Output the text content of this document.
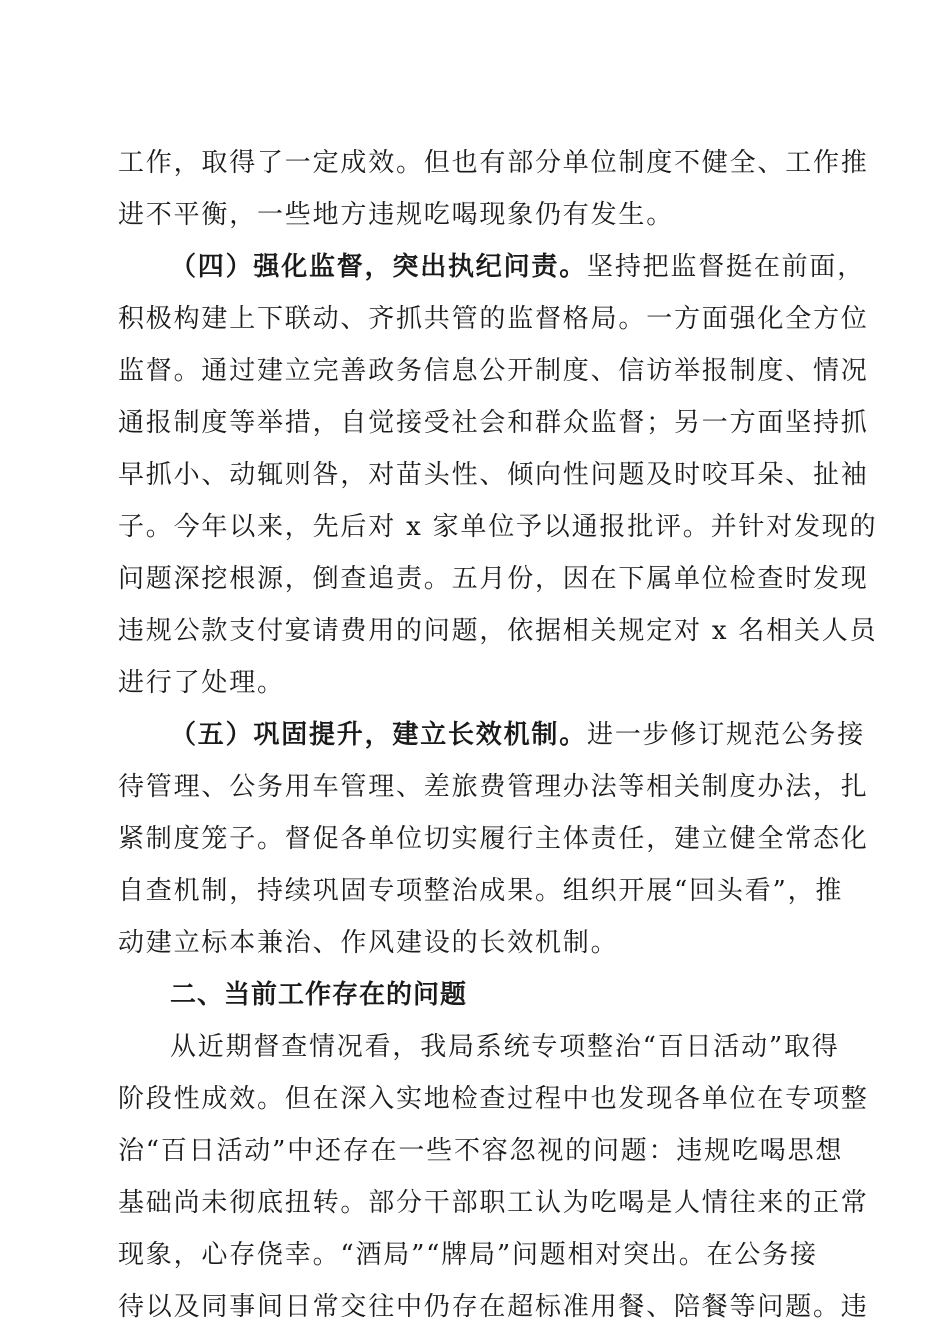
工作，取得了一定成效。但也有部分单位制度不健全、工作推
进不平衡，一些地方违规吃喝现象仍有发生。
（四）强化监督，突出执纪问责。坚持把监督挺在前面，
积极构建上下联动、齐抓共管的监督格局。一方面强化全方位
监督。通过建立完善政务信息公开制度、信访举报制度、情况
通报制度等举措，自觉接受社会和群众监督；另一方面坚持抓
早抓小、动辄则咎，对苗头性、倾向性问题及时咬耳朵、扯袖
子。今年以来，先后对 x 家单位予以通报批评。并针对发现的
问题深挖根源，倒查追责。五月份，因在下属单位检查时发现
违规公款支付宴请费用的问题，依据相关规定对 x 名相关人员
进行了处理。
（五）巩固提升，建立长效机制。进一步修订规范公务接
待管理、公务用车管理、差旅费管理办法等相关制度办法，扎
紧制度笼子。督促各单位切实履行主体责任，建立健全常态化
自查机制，持续巩固专项整治成果。组织开展“回头看”，推
动建立标本兼治、作风建设的长效机制。
二、当前工作存在的问题
从近期督查情况看，我局系统专项整治“百日活动”取得
阶段性成效。但在深入实地检查过程中也发现各单位在专项整
治“百日活动”中还存在一些不容忽视的问题：违规吃喝思想
基础尚未彻底扭转。部分干部职工认为吃喝是人情往来的正常
现象，心存侥幸。“酒局”“牌局”问题相对突出。在公务接
待以及同事间日常交往中仍存在超标准用餐、陪餐等问题。违
